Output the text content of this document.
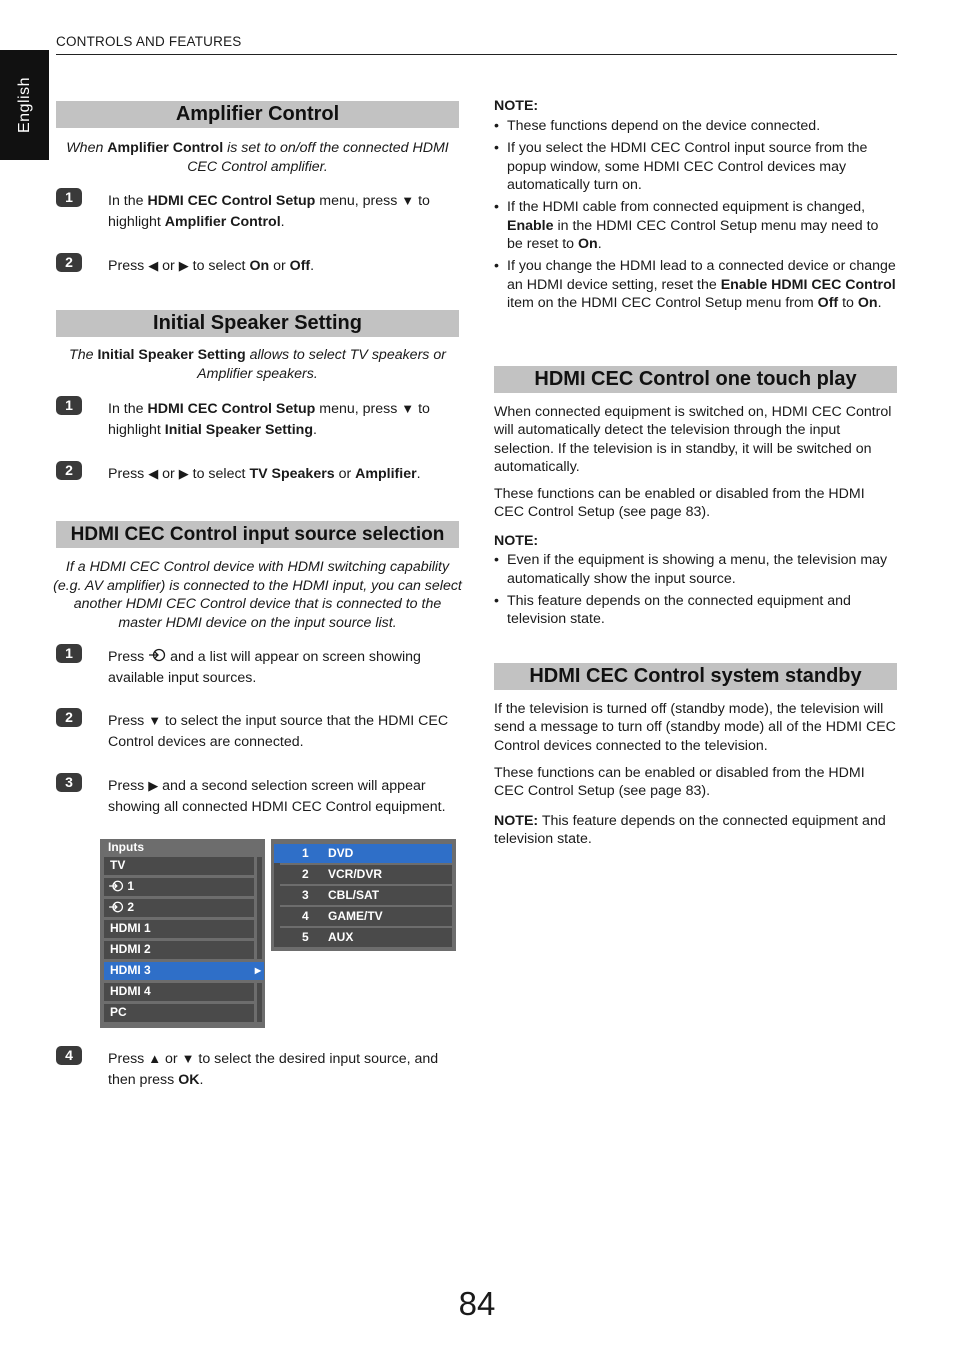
English
CONTROLS AND FEATURES
Amplifier Control
When Amplifier Control is set to on/off the connected HDMI CEC Control amplifier.
1	In the HDMI CEC Control Setup menu, press ▼ to highlight Amplifier Control.
2	Press ◀ or ▶ to select On or Off.
Initial Speaker Setting
The Initial Speaker Setting allows to select TV speakers or Amplifier speakers.
1	In the HDMI CEC Control Setup menu, press ▼ to highlight Initial Speaker Setting.
2	Press ◀ or ▶ to select TV Speakers or Amplifier.
HDMI CEC Control input source selection
If a HDMI CEC Control device with HDMI switching capability (e.g. AV amplifier) is connected to the HDMI input, you can select another HDMI CEC Control device that is connected to the master HDMI device on the input source list.
1	Press  and a list will appear on screen showing available input sources.
2	Press ▼ to select the input source that the HDMI CEC Control devices are connected.
3	Press ▶ and a second selection screen will appear showing all connected HDMI CEC Control equipment.
Inputs
TV
1
2
HDMI 1
HDMI 2
HDMI 3	▶
HDMI 4
PC
1 DVD
2 VCR/DVR
3 CBL/SAT
4 GAME/TV
5 AUX
4	Press ▲ or ▼ to select the desired input source, and then press OK.
NOTE:
• These functions depend on the device connected.
• If you select the HDMI CEC Control input source from the popup window, some HDMI CEC Control devices may automatically turn on.
• If the HDMI cable from connected equipment is changed, Enable in the HDMI CEC Control Setup menu may need to be reset to On.
• If you change the HDMI lead to a connected device or change an HDMI device setting, reset the Enable HDMI CEC Control item on the HDMI CEC Control Setup menu from Off to On.
HDMI CEC Control one touch play
When connected equipment is switched on, HDMI CEC Control will automatically detect the television through the input selection. If the television is in standby, it will be switched on automatically.
These functions can be enabled or disabled from the HDMI CEC Control Setup (see page 83).
NOTE:
• Even if the equipment is showing a menu, the television may automatically show the input source.
• This feature depends on the connected equipment and television state.
HDMI CEC Control system standby
If the television is turned off (standby mode), the television will send a message to turn off (standby mode) all of the HDMI CEC Control devices connected to the television.
These functions can be enabled or disabled from the HDMI CEC Control Setup (see page 83).
NOTE: This feature depends on the connected equipment and television state.
84
